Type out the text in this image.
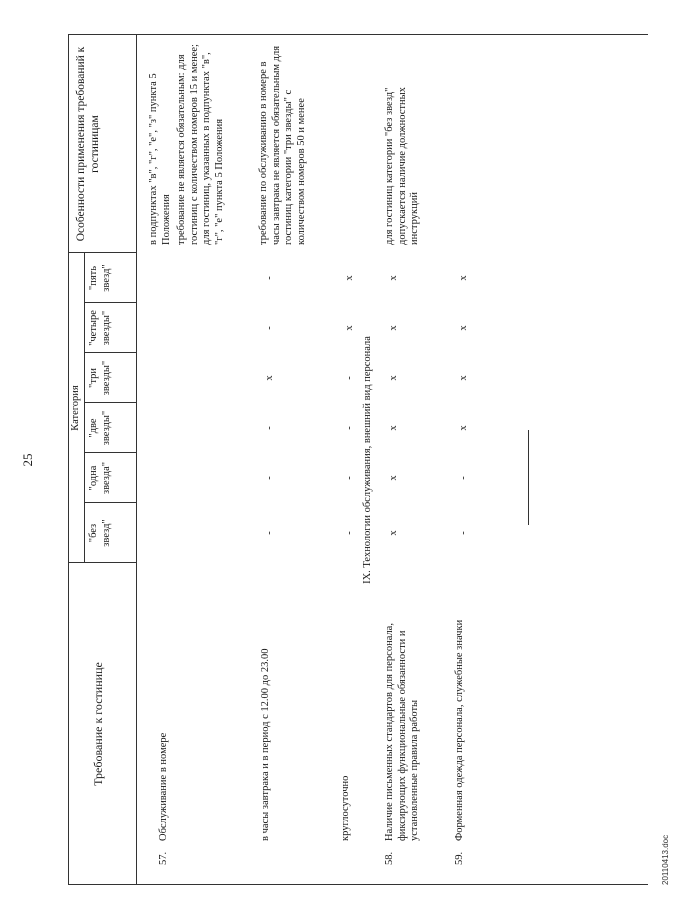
25
Требование к гостинице
Категория
"без звезд"
"одна звезда"
"две звезды"
"три звезды"
"четыре звезды"
"пять звезд"
Особенности применения требований к гостиницам	в подпунктах "в", "г", "е", "з" пункта 5 Положения
57.
Обслуживание в номере
требование не является обязательным: для гостиниц с количеством номеров 15 и менее; для гостиниц, указанных в подпунктах "в", "г", "е" пункта 5 Положения
в часы завтрака и в период с 12.00 до 23.00
-
-
-
x
-
-
требование по обслуживанию в номере в часы завтрака не является обязательным для гостиниц категории "три звезды" с количеством номеров 50 и менее
круглосуточно
-
-
-
-
x
x
IX. Технологии обслуживания, внешний вид персонала
58.
Наличие письменных стандартов для персонала, фиксирующих функциональные обязанности и установленные правила работы
x
x
x
x
x
x
для гостиниц категории "без звезд" допускается наличие должностных инструкций
59.
Форменная одежда персонала, служебные значки
-
-
x
x
x
x
20110413.doc
